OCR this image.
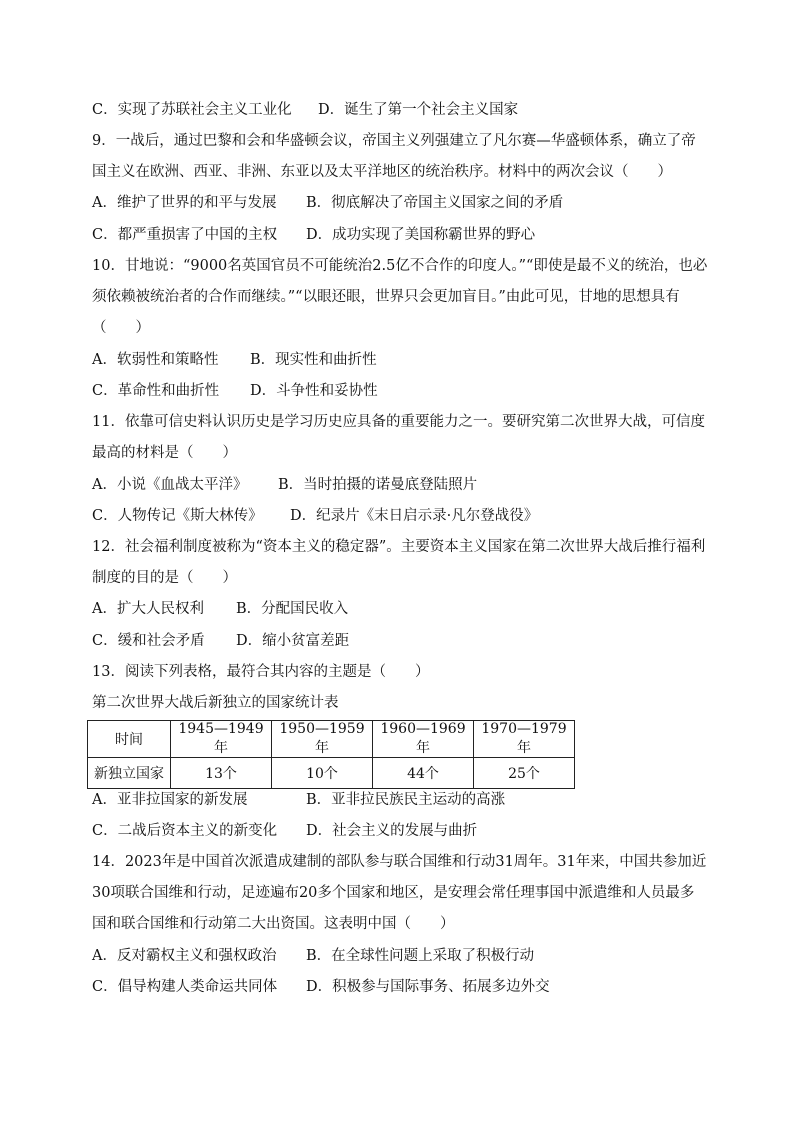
C．实现了苏联社会主义工业化 D．诞生了第一个社会主义国家
9．一战后，通过巴黎和会和华盛顿会议，帝国主义列强建立了凡尔赛—华盛顿体系，确立了帝
国主义在欧洲、西亚、非洲、东亚以及太平洋地区的统治秩序。材料中的两次会议（　　）
A．维护了世界的和平与发展 B．彻底解决了帝国主义国家之间的矛盾
C．都严重损害了中国的主权 D．成功实现了美国称霸世界的野心
10．甘地说：“9000名英国官员不可能统治2.5亿不合作的印度人。”“即使是最不义的统治，也必
须依赖被统治者的合作而继续。”“以眼还眼，世界只会更加盲目。”由此可见，甘地的思想具有
（　　）
A．软弱性和策略性 B．现实性和曲折性
C．革命性和曲折性 D．斗争性和妥协性
11．依靠可信史料认识历史是学习历史应具备的重要能力之一。要研究第二次世界大战，可信度
最高的材料是（　　）
A．小说《血战太平洋》 B．当时拍摄的诺曼底登陆照片
C．人物传记《斯大林传》 D．纪录片《末日启示录·凡尔登战役》
12．社会福利制度被称为“资本主义的稳定器”。主要资本主义国家在第二次世界大战后推行福利
制度的目的是（　　）
A．扩大人民权利 B．分配国民收入
C．缓和社会矛盾 D．缩小贫富差距
13．阅读下列表格，最符合其内容的主题是（　　）
第二次世界大战后新独立的国家统计表
时间	1945—1949年	1950—1959年	1960—1969年	1970—1979年
新独立国家	13个	10个	44个	25个
A．亚非拉国家的新发展	B．亚非拉民族民主运动的高涨
C．二战后资本主义的新变化 D．社会主义的发展与曲折
14．2023年是中国首次派遣成建制的部队参与联合国维和行动31周年。31年来，中国共参加近
30项联合国维和行动，足迹遍布20多个国家和地区，是安理会常任理事国中派遣维和人员最多
国和联合国维和行动第二大出资国。这表明中国（　　）
A．反对霸权主义和强权政治 B．在全球性问题上采取了积极行动
C．倡导构建人类命运共同体 D．积极参与国际事务、拓展多边外交
